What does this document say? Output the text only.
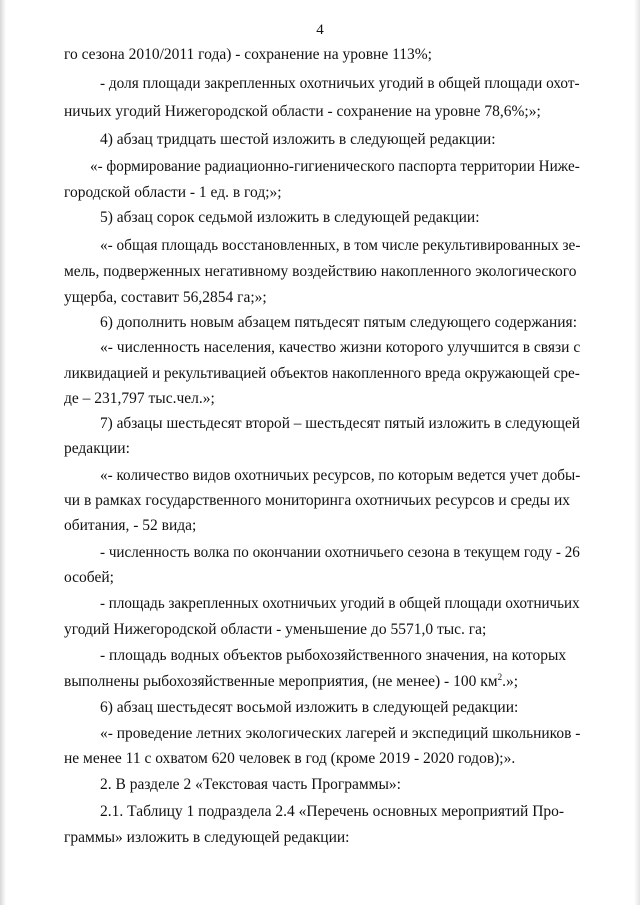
4
го сезона 2010/2011 года) - сохранение на уровне 113%;
- доля площади закрепленных охотничьих угодий в общей площади охот-
ничьих угодий Нижегородской области - сохранение на уровне 78,6%;»;
4) абзац тридцать шестой изложить в следующей редакции:
«- формирование радиационно-гигиенического паспорта территории Ниже-
городской области - 1 ед. в год;»;
5) абзац сорок седьмой изложить в следующей редакции:
«- общая площадь восстановленных, в том числе рекультивированных зе-
мель, подверженных негативному воздействию накопленного экологического
ущерба, составит 56,2854 га;»;
6) дополнить новым абзацем пятьдесят пятым следующего содержания:
«- численность населения, качество жизни которого улучшится в связи с
ликвидацией и рекультивацией объектов накопленного вреда окружающей сре-
де – 231,797 тыс.чел.»;
7) абзацы шестьдесят второй – шестьдесят пятый изложить в следующей
редакции:
«- количество видов охотничьих ресурсов, по которым ведется учет добы-
чи в рамках государственного мониторинга охотничьих ресурсов и среды их
обитания, - 52 вида;
- численность волка по окончании охотничьего сезона в текущем году - 26
особей;
- площадь закрепленных охотничьих угодий в общей площади охотничьих
угодий Нижегородской области - уменьшение до 5571,0 тыс. га;
- площадь водных объектов рыбохозяйственного значения, на которых
выполнены рыбохозяйственные мероприятия, (не менее) - 100 $км^2$.»;
6) абзац шестьдесят восьмой изложить в следующей редакции:
«- проведение летних экологических лагерей и экспедиций школьников -
не менее 11 с охватом 620 человек в год (кроме 2019 - 2020 годов);».
2. В разделе 2 «Текстовая часть Программы»:
2.1. Таблицу 1 подраздела 2.4 «Перечень основных мероприятий Про-
граммы» изложить в следующей редакции:
